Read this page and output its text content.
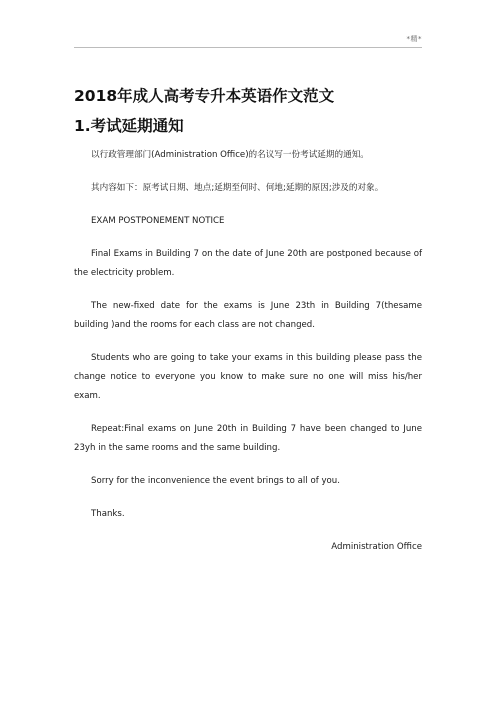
*精*
2018年成人高考专升本英语作文范文
1.考试延期通知

以行政管理部门(Administration Office)的名议写一份考试延期的通知。

其内容如下：原考试日期、地点;延期至何时、何地;延期的原因;涉及的对象。

EXAM POSTPONEMENT NOTICE

Final Exams in Building 7 on the date of June 20th are postponed because of the electricity problem.

The new-fixed date for the exams is June 23th in Building 7(thesame building )and the rooms for each class are not changed.

Students who are going to take your exams in this building please pass the change notice to everyone you know to make sure no one will miss his/her exam.

Repeat:Final exams on June 20th in Building 7 have been changed to June 23yh in the same rooms and the same building.

Sorry for the inconvenience the event brings to all of you.

Thanks.

Administration Office
